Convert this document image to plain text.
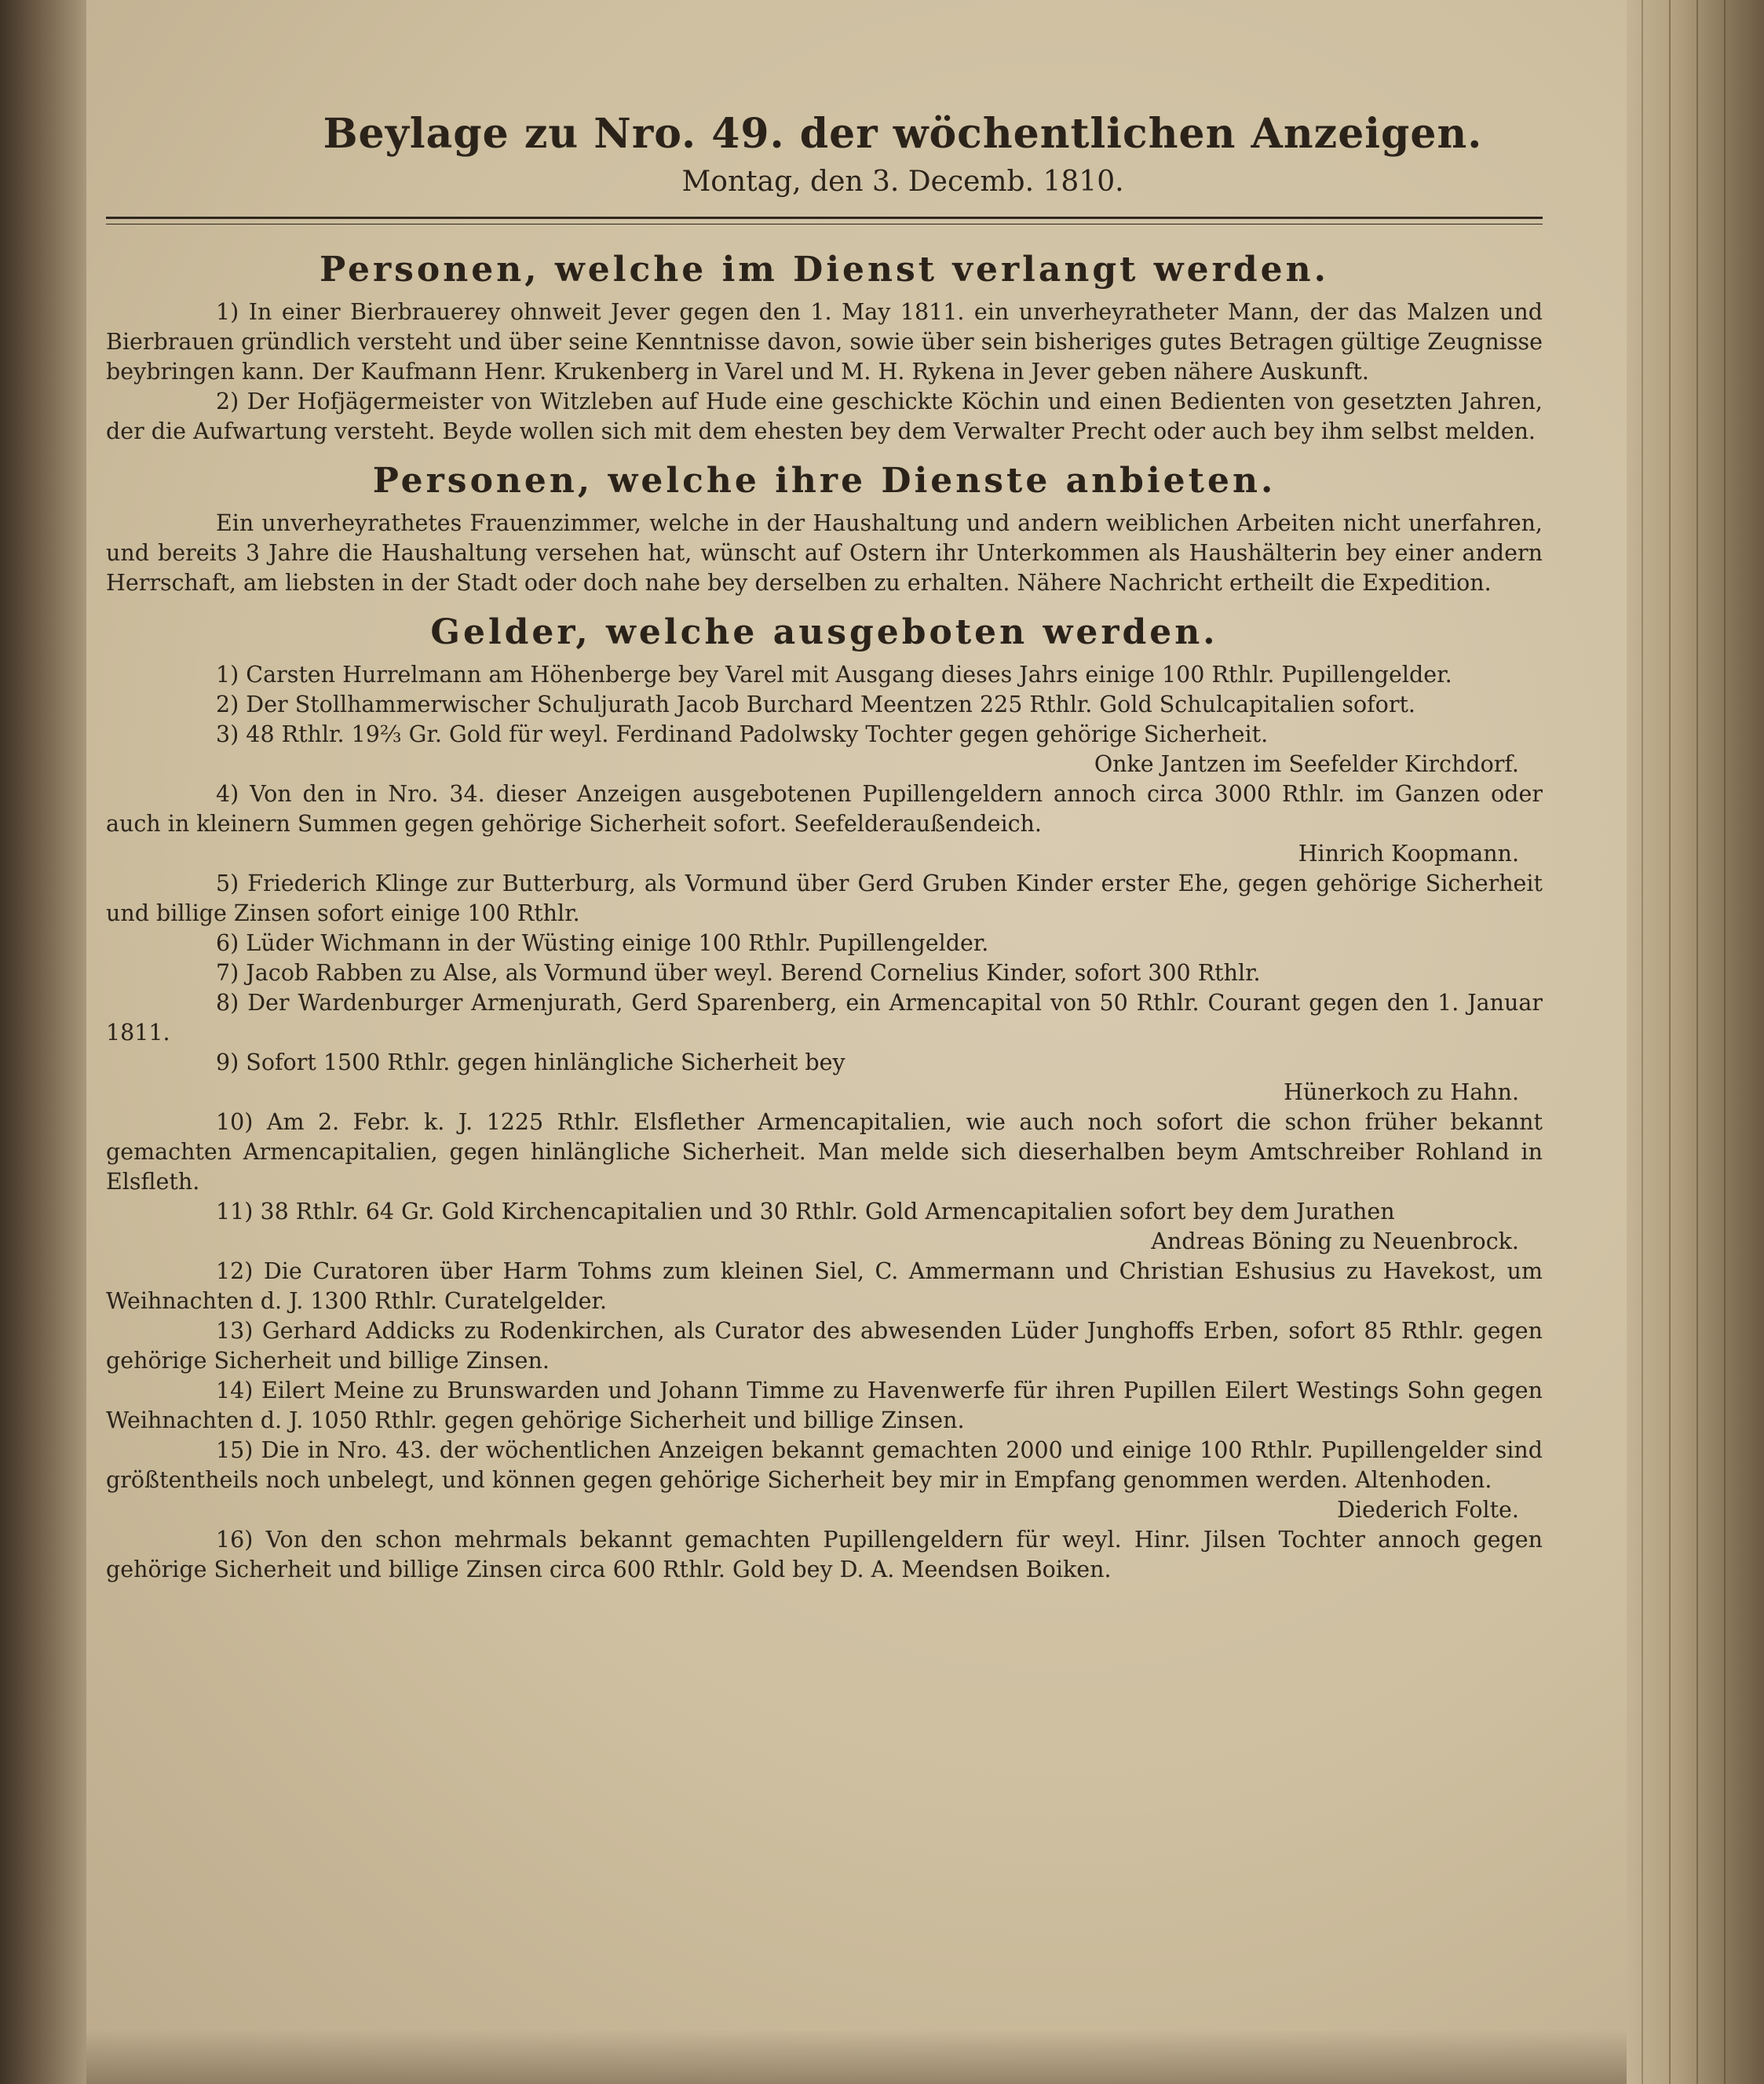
Beylage zu Nro. 49. der wöchentlichen Anzeigen.

Montag, den 3. Decemb. 1810.

Personen, welche im Dienst verlangt werden.

1) In einer Bierbrauerey ohnweit Jever gegen den 1. May 1811. ein unverheyratheter Mann, der das Malzen und Bierbrauen gründlich versteht und über seine Kenntnisse davon, sowie über sein bisheriges gutes Betragen gültige Zeugnisse beybringen kann. Der Kaufmann Henr. Krukenberg in Varel und M. H. Rykena in Jever geben nähere Auskunft.

2) Der Hofjägermeister von Witzleben auf Hude eine geschickte Köchin und einen Bedienten von gesetzten Jahren, der die Aufwartung versteht. Beyde wollen sich mit dem ehesten bey dem Verwalter Precht oder auch bey ihm selbst melden.

Personen, welche ihre Dienste anbieten.

Ein unverheyrathetes Frauenzimmer, welche in der Haushaltung und andern weiblichen Arbeiten nicht unerfahren, und bereits 3 Jahre die Haushaltung versehen hat, wünscht auf Ostern ihr Unterkommen als Haushälterin bey einer andern Herrschaft, am liebsten in der Stadt oder doch nahe bey derselben zu erhalten. Nähere Nachricht ertheilt die Expedition.

Gelder, welche ausgeboten werden.

1) Carsten Hurrelmann am Höhenberge bey Varel mit Ausgang dieses Jahrs einige 100 Rthlr. Pupillengelder.

2) Der Stollhammerwischer Schuljurath Jacob Burchard Meentzen 225 Rthlr. Gold Schulcapitalien sofort.

3) 48 Rthlr. 19⅔ Gr. Gold für weyl. Ferdinand Padolwsky Tochter gegen gehörige Sicherheit.

Onke Jantzen im Seefelder Kirchdorf.

4) Von den in Nro. 34. dieser Anzeigen ausgebotenen Pupillengeldern annoch circa 3000 Rthlr. im Ganzen oder auch in kleinern Summen gegen gehörige Sicherheit sofort. Seefelderaußendeich.

Hinrich Koopmann.

5) Friederich Klinge zur Butterburg, als Vormund über Gerd Gruben Kinder erster Ehe, gegen gehörige Sicherheit und billige Zinsen sofort einige 100 Rthlr.

6) Lüder Wichmann in der Wüsting einige 100 Rthlr. Pupillengelder.

7) Jacob Rabben zu Alse, als Vormund über weyl. Berend Cornelius Kinder, sofort 300 Rthlr.

8) Der Wardenburger Armenjurath, Gerd Sparenberg, ein Armencapital von 50 Rthlr. Courant gegen den 1. Januar 1811.

9) Sofort 1500 Rthlr. gegen hinlängliche Sicherheit bey

Hünerkoch zu Hahn.

10) Am 2. Febr. k. J. 1225 Rthlr. Elsflether Armencapitalien, wie auch noch sofort die schon früher bekannt gemachten Armencapitalien, gegen hinlängliche Sicherheit. Man melde sich dieserhalben beym Amtschreiber Rohland in Elsfleth.

11) 38 Rthlr. 64 Gr. Gold Kirchencapitalien und 30 Rthlr. Gold Armencapitalien sofort bey dem Jurathen

Andreas Böning zu Neuenbrock.

12) Die Curatoren über Harm Tohms zum kleinen Siel, C. Ammermann und Christian Eshusius zu Havekost, um Weihnachten d. J. 1300 Rthlr. Curatelgelder.

13) Gerhard Addicks zu Rodenkirchen, als Curator des abwesenden Lüder Junghoffs Erben, sofort 85 Rthlr. gegen gehörige Sicherheit und billige Zinsen.

14) Eilert Meine zu Brunswarden und Johann Timme zu Havenwerfe für ihren Pupillen Eilert Westings Sohn gegen Weihnachten d. J. 1050 Rthlr. gegen gehörige Sicherheit und billige Zinsen.

15) Die in Nro. 43. der wöchentlichen Anzeigen bekannt gemachten 2000 und einige 100 Rthlr. Pupillengelder sind größtentheils noch unbelegt, und können gegen gehörige Sicherheit bey mir in Empfang genommen werden. Altenhoden.

Diederich Folte.

16) Von den schon mehrmals bekannt gemachten Pupillengeldern für weyl. Hinr. Jilsen Tochter annoch gegen gehörige Sicherheit und billige Zinsen circa 600 Rthlr. Gold bey D. A. Meendsen Boiken.
